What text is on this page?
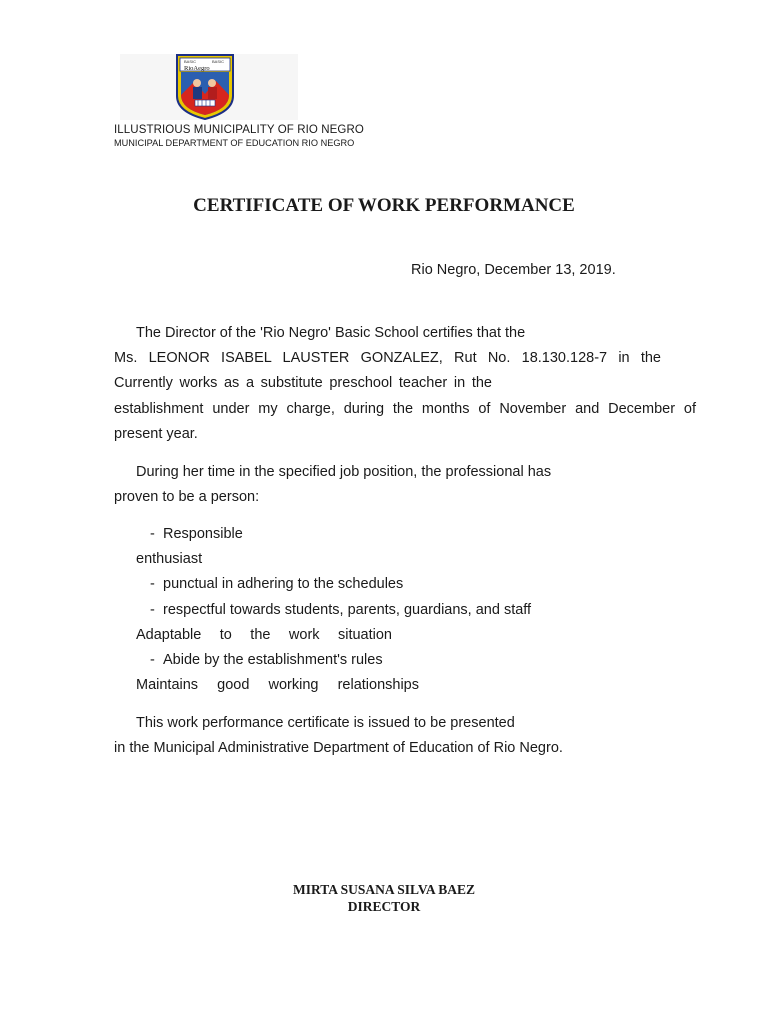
BASIC	BASIC
RioAegro
ILLUSTRIOUS MUNICIPALITY OF RIO NEGRO
MUNICIPAL DEPARTMENT OF EDUCATION RIO NEGRO
CERTIFICATE OF WORK PERFORMANCE
Rio Negro, December 13, 2019.
The Director of the 'Rio Negro' Basic School certifies that the
Ms. LEONOR ISABEL LAUSTER GONZALEZ, Rut No. 18.130.128-7 in the
Currently works as a substitute preschool teacher in the
establishment under my charge, during the months of November and December of
present year.
During her time in the specified job position, the professional has
proven to be a person:
- Responsible
enthusiast
- punctual in adhering to the schedules
- respectful towards students, parents, guardians, and staff
Adaptable to the work situation
- Abide by the establishment's rules
Maintains good working relationships
This work performance certificate is issued to be presented
in the Municipal Administrative Department of Education of Rio Negro.
MIRTA SUSANA SILVA BAEZ
DIRECTOR
